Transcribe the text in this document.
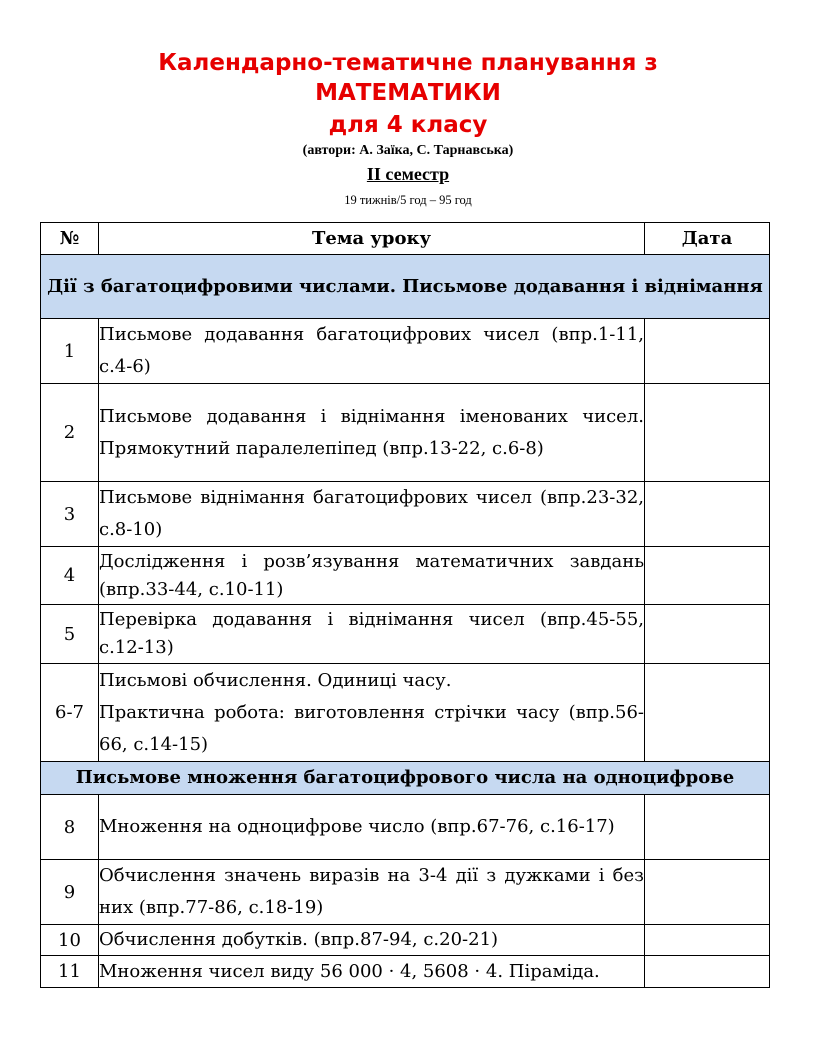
Календарно-тематичне планування з
МАТЕМАТИКИ
для 4 класу
(автори: А. Заїка, С. Тарнавська)
ІІ семестр
19 тижнів/5 год – 95 год
№	Тема уроку	Дата
Дії з багатоцифровими числами. Письмове додавання і віднімання		
1	Письмове додавання багатоцифрових чисел (впр.1-11, с.4-6)	
2	Письмове додавання і віднімання іменованих чисел. Прямокутний паралелепіпед (впр.13-22, с.6-8)	
3	Письмове віднімання багатоцифрових чисел (впр.23-32, с.8-10)	
4	Дослідження і розв’язування математичних завдань (впр.33-44, с.10-11)	
5	Перевірка додавання і віднімання чисел (впр.45-55, с.12-13)	
6-7	Письмові обчислення. Одиниці часу.
Практична робота: виготовлення стрічки часу (впр.56-66, с.14-15)	

Письмове множення багатоцифрового числа на одноцифрове		
8	Множення на одноцифрове число (впр.67-76, с.16-17)	
9	Обчислення значень виразів на 3-4 дії з дужками і без них (впр.77-86, с.18-19)	
10	Обчислення добутків. (впр.87-94, с.20-21)	
11	Множення чисел виду 56 000 · 4, 5608 · 4. Піраміда.	
